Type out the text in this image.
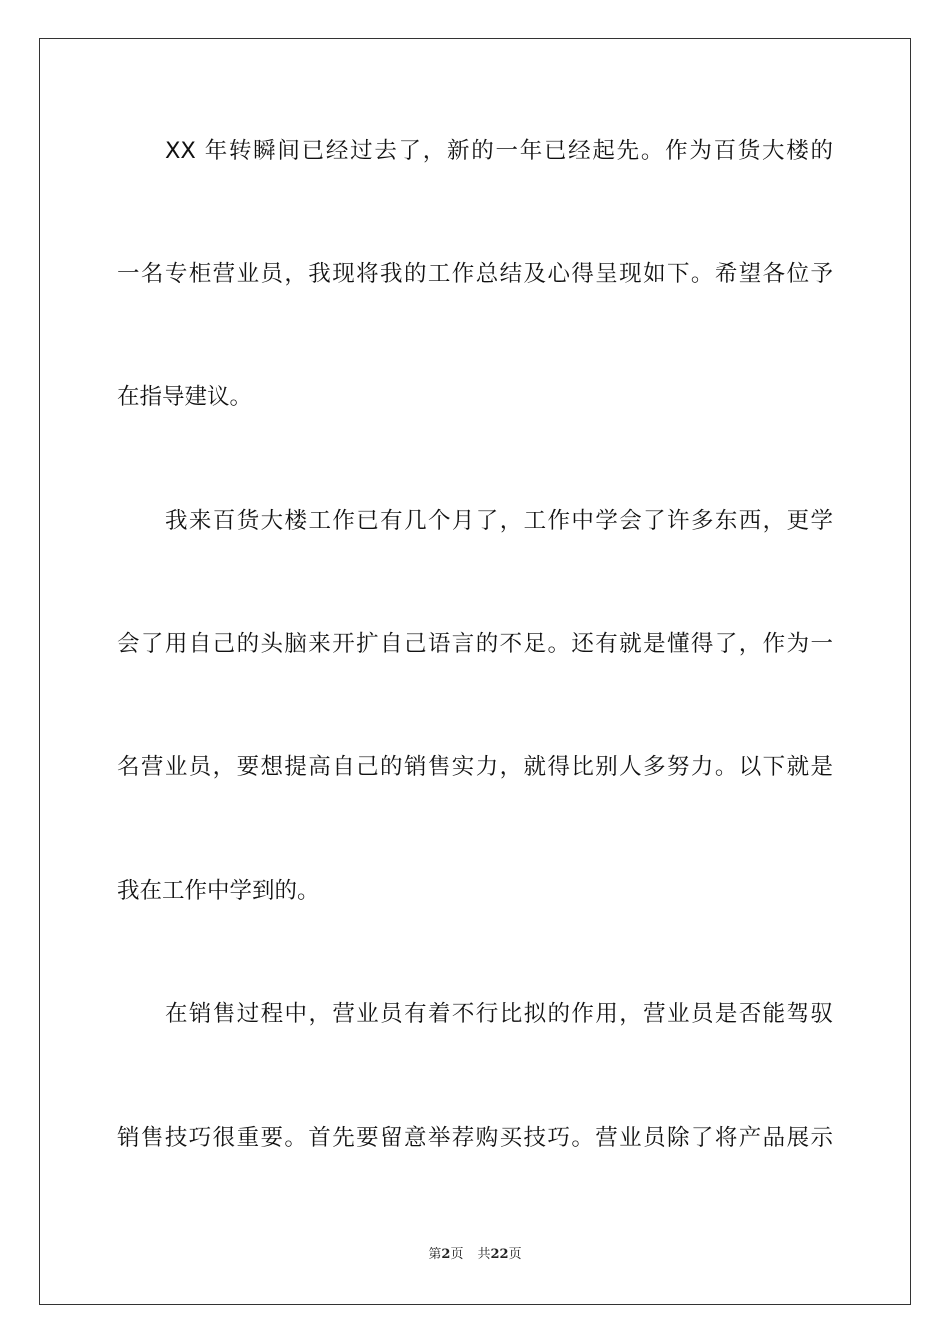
XX 年转瞬间已经过去了，新的一年已经起先。作为百货大楼的
一名专柜营业员，我现将我的工作总结及心得呈现如下。希望各位予
在指导建议。
我来百货大楼工作已有几个月了，工作中学会了许多东西，更学
会了用自己的头脑来开扩自己语言的不足。还有就是懂得了，作为一
名营业员，要想提高自己的销售实力，就得比别人多努力。以下就是
我在工作中学到的。
在销售过程中，营业员有着不行比拟的作用，营业员是否能驾驭
销售技巧很重要。首先要留意举荐购买技巧。营业员除了将产品展示
第2页 共22页
